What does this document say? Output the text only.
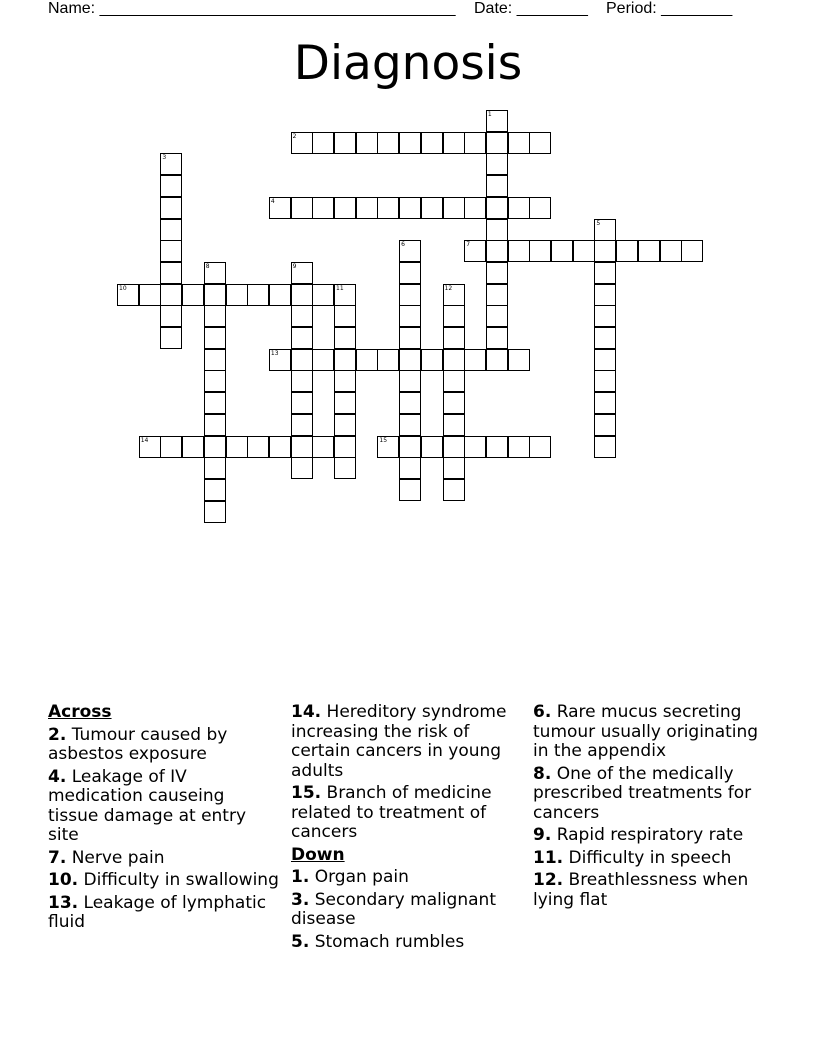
Name: ________________________________________ Date: ________ Period: ________
Diagnosis
1
2
3
4
5
6	7
8	9
10	11	12
13
14	15
Across
2. Tumour caused by asbestos exposure
4. Leakage of IV medication causeing tissue damage at entry site
7. Nerve pain
10. Difficulty in swallowing
13. Leakage of lymphatic fluid
14. Hereditory syndrome increasing the risk of certain cancers in young adults
15. Branch of medicine related to treatment of cancers
Down
1. Organ pain
3. Secondary malignant disease
5. Stomach rumbles
6. Rare mucus secreting tumour usually originating in the appendix
8. One of the medically prescribed treatments for cancers
9. Rapid respiratory rate
11. Difficulty in speech
12. Breathlessness when lying flat
